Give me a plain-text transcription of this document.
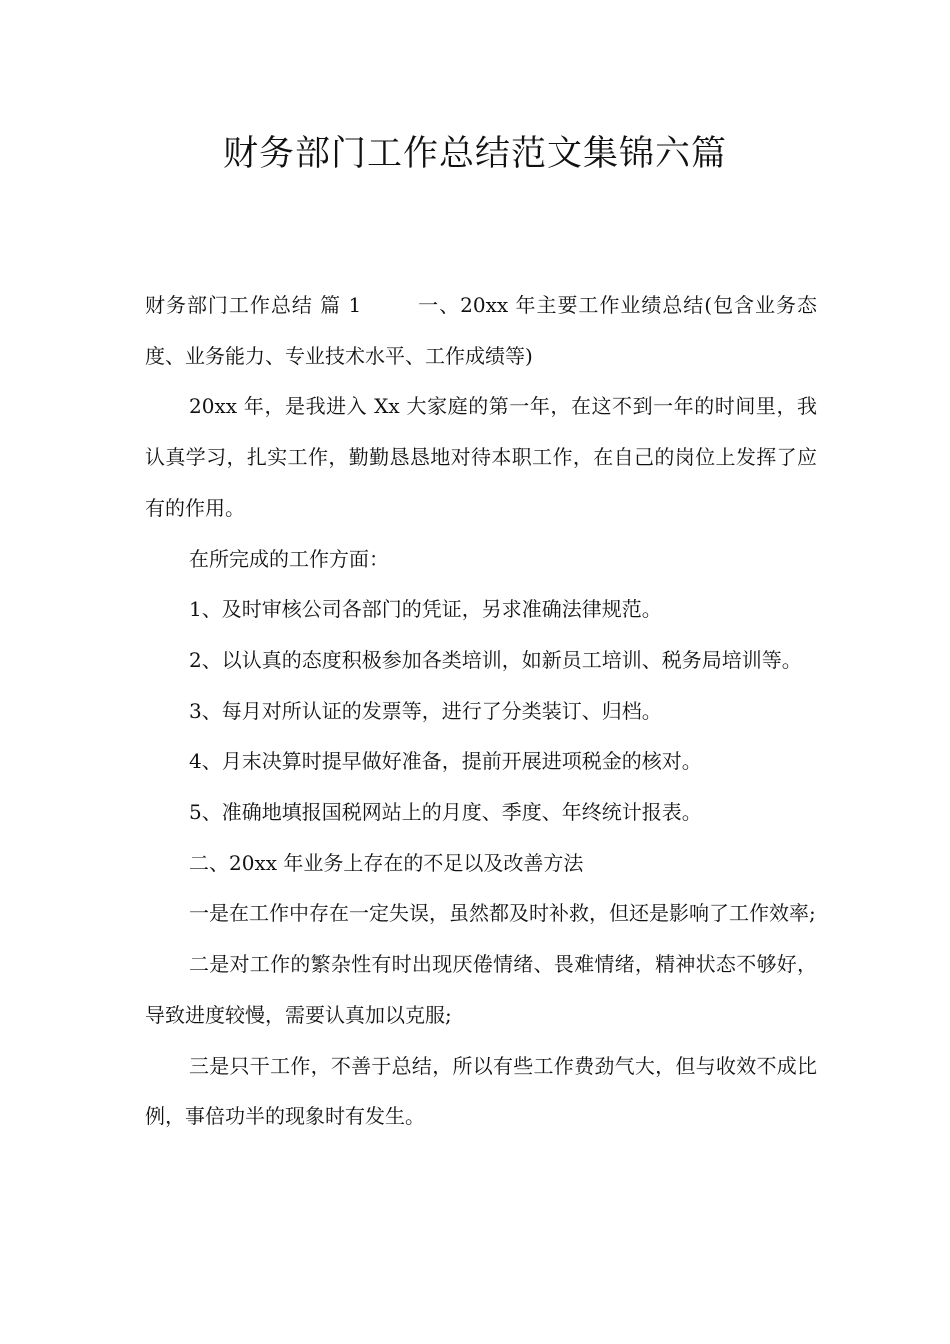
财务部门工作总结范文集锦六篇

财务部门工作总结 篇 1	一、20xx 年主要工作业绩总结(包含业务态度、业务能力、专业技术水平、工作成绩等)

20xx 年，是我进入 Xx 大家庭的第一年，在这不到一年的时间里，我认真学习，扎实工作，勤勤恳恳地对待本职工作，在自己的岗位上发挥了应有的作用。

在所完成的工作方面：

1、及时审核公司各部门的凭证，另求准确法律规范。

2、以认真的态度积极参加各类培训，如新员工培训、税务局培训等。

3、每月对所认证的发票等，进行了分类装订、归档。

4、月末决算时提早做好准备，提前开展进项税金的核对。

5、准确地填报国税网站上的月度、季度、年终统计报表。

二、20xx 年业务上存在的不足以及改善方法

一是在工作中存在一定失误，虽然都及时补救，但还是影响了工作效率;

二是对工作的繁杂性有时出现厌倦情绪、畏难情绪，精神状态不够好，导致进度较慢，需要认真加以克服;

三是只干工作，不善于总结，所以有些工作费劲气大，但与收效不成比例，事倍功半的现象时有发生。
